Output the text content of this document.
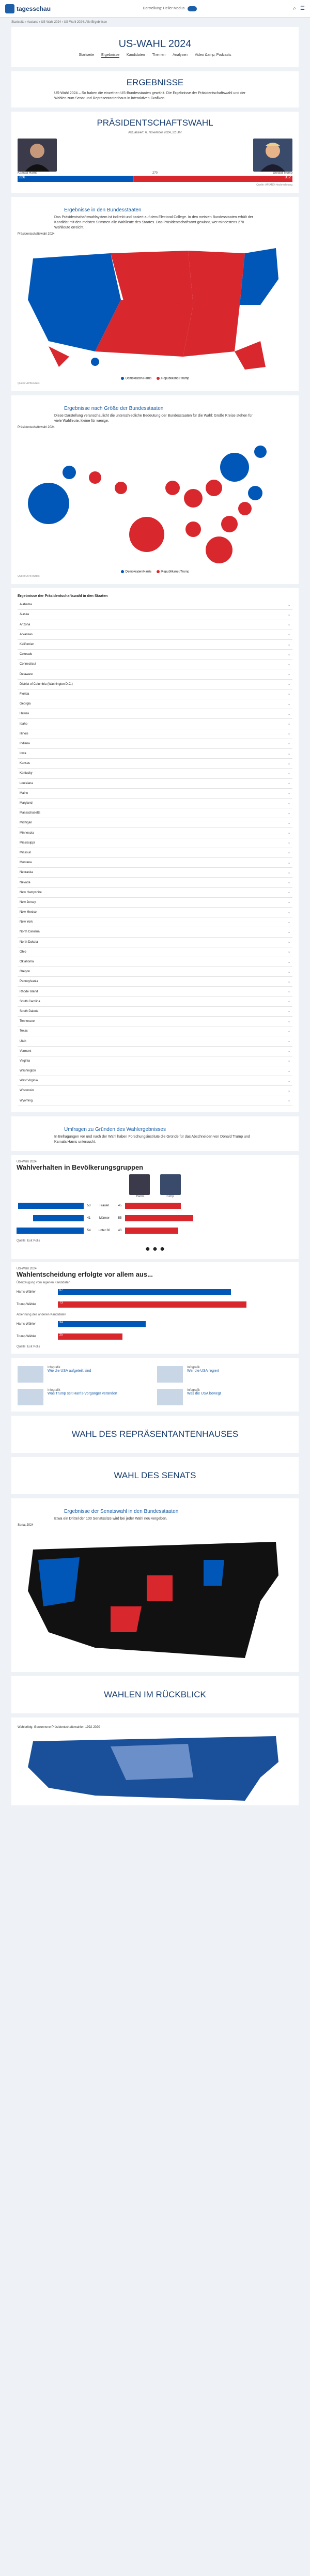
tagesschau	Darstellung: Heller Modus	⌕ ☰
Startseite › Ausland › US-Wahl 2024 › US-Wahl 2024: Alle Ergebnisse
US-WAHL 2024
Startseite Ergebnisse Kandidaten Themen Analysen Video &amp; Podcasts
ERGEBNISSE
US-Wahl 2024 – So haben die einzelnen US-Bundesstaaten gewählt. Die Ergebnisse der Präsidentschaftswahl und der Wahlen zum Senat und Repräsentantenhaus in interaktiven Grafiken.
PRÄSIDENTSCHAFTSWAHL
Aktualisiert: 6. November 2024, 22 Uhr
Kamala Harris	270	Donald Trump
226	312
Quelle: AP/ARD-Hochrechnung
Ergebnisse in den Bundesstaaten
Das Präsidentschaftswahlsystem ist indirekt und basiert auf dem Electoral College. In den meisten Bundesstaaten erhält der Kandidat mit den meisten Stimmen alle Wahlleute des Staates. Das Präsidentschaftsamt gewinnt, wer mindestens 270 Wahlleute erreicht.
Präsidentschaftswahl 2024
Demokraten/Harris	Republikaner/Trump
Quelle: AP/Reuters
Ergebnisse nach Größe der Bundesstaaten
Diese Darstellung veranschaulicht die unterschiedliche Bedeutung der Bundesstaaten für die Wahl: Große Kreise stehen für viele Wahlleute, kleine für wenige.
Präsidentschaftswahl 2024
Demokraten/Harris	Republikaner/Trump
Quelle: AP/Reuters
Ergebnisse der Präsidentschaftswahl in den Staaten
Alabama	⌄
Alaska	⌄
Arizona	⌄
Arkansas	⌄
Kalifornien	⌄
Colorado	⌄
Connecticut	⌄
Delaware	⌄
District of Columbia (Washington D.C.)	⌄
Florida	⌄
Georgia	⌄
Hawaii	⌄
Idaho	⌄
Illinois	⌄
Indiana	⌄
Iowa	⌄
Kansas	⌄
Kentucky	⌄
Louisiana	⌄
Maine	⌄
Maryland	⌄
Massachusetts	⌄
Michigan	⌄
Minnesota	⌄
Mississippi	⌄
Missouri	⌄
Montana	⌄
Nebraska	⌄
Nevada	⌄
New Hampshire	⌄
New Jersey	⌄
New Mexico	⌄
New York	⌄
North Carolina	⌄
North Dakota	⌄
Ohio	⌄
Oklahoma	⌄
Oregon	⌄
Pennsylvania	⌄
Rhode Island	⌄
South Carolina	⌄
South Dakota	⌄
Tennessee	⌄
Texas	⌄
Utah	⌄
Vermont	⌄
Virginia	⌄
Washington	⌄
West Virginia	⌄
Wisconsin	⌄
Wyoming	⌄
Umfragen zu Gründen des Wahlergebnisses
In Befragungen vor und nach der Wahl haben Forschungsinstitute die Gründe für das Abschneiden von Donald Trump und Kamala Harris untersucht.
US-Wahl 2024
Wahlverhalten in Bevölkerungsgruppen
Harris	Trump
53	Frauen	45
41	Männer	55
54	unter 30	43
Quelle: Exit Polls
● ● ●
US-Wahl 2024
Wahlentscheidung erfolgte vor allem aus...
Überzeugung vom eigenen Kandidaten
Harris-Wähler	67
Trump-Wähler	73
Ablehnung des anderen Kandidaten
Harris-Wähler	34
Trump-Wähler	25
Quelle: Exit Polls
Infografik
Wie die USA aufgeteilt sind
Infografik
Wer die USA regiert
Infografik
Was Trump seit Harris-Vorgänger verändert
Infografik
Was die USA bewegt
WAHL DES REPRÄSENTANTENHAUSES
WAHL DES SENATS
Ergebnisse der Senatswahl in den Bundesstaaten
Etwa ein Drittel der 100 Senatssitze wird bei jeder Wahl neu vergeben.
Senat 2024
WAHLEN IM RÜCKBLICK
Wahlerfolg: Gewonnene Präsidentschaftswahlen 1992-2020
